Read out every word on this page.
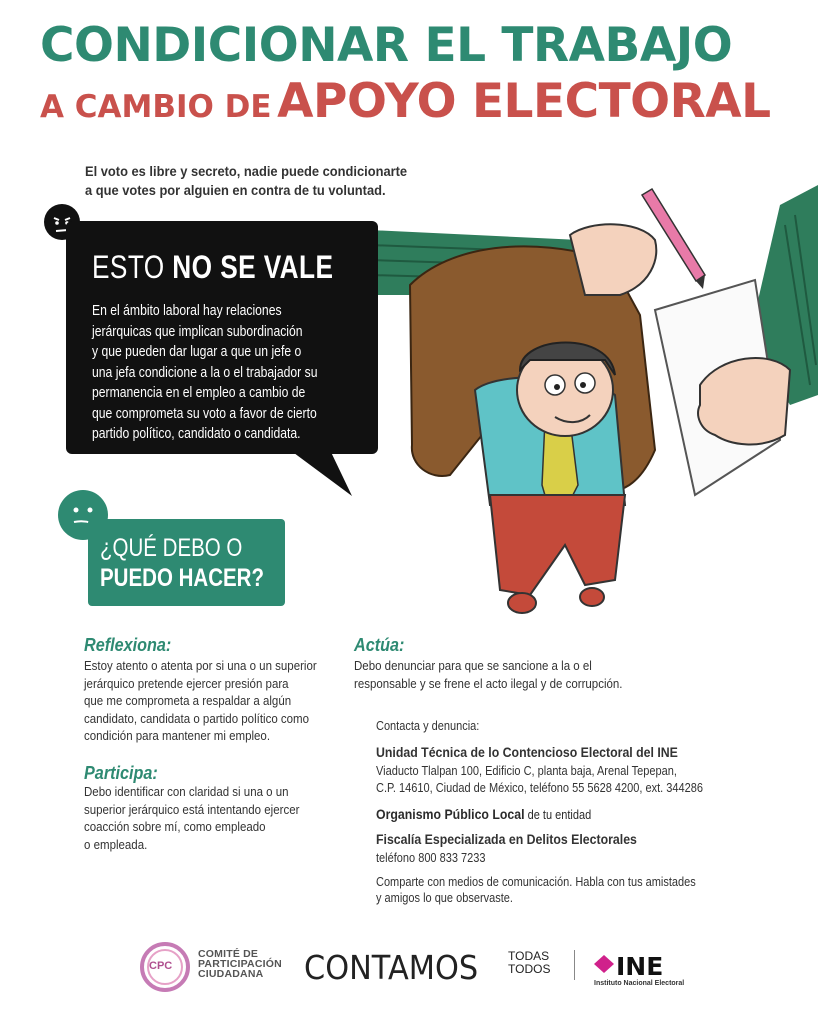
CONDICIONAR EL TRABAJO
A CAMBIO DE APOYO ELECTORAL
El voto es libre y secreto, nadie puede condicionarte
a que votes por alguien en contra de tu voluntad.
ESTO NO SE VALE

En el ámbito laboral hay relaciones
jerárquicas que implican subordinación
y que pueden dar lugar a que un jefe o
una jefa condicione a la o el trabajador su
permanencia en el empleo a cambio de
que comprometa su voto a favor de cierto
partido político, candidato o candidata.

¿QUÉ DEBO O
PUEDO HACER?
Reflexiona:
Estoy atento o atenta por si una o un superior
jerárquico pretende ejercer presión para
que me comprometa a respaldar a algún
candidato, candidata o partido político como
condición para mantener mi empleo.
Participa:
Debo identificar con claridad si una o un
superior jerárquico está intentando ejercer
coacción sobre mí, como empleado
o empleada.
Actúa:
Debo denunciar para que se sancione a la o el
responsable y se frene el acto ilegal y de corrupción.
Contacta y denuncia:
Unidad Técnica de lo Contencioso Electoral del INE
Viaducto Tlalpan 100, Edificio C, planta baja, Arenal Tepepan,
C.P. 14610, Ciudad de México, teléfono 55 5628 4200, ext. 344286
Organismo Público Local de tu entidad
Fiscalía Especializada en Delitos Electorales
teléfono 800 833 7233
Comparte con medios de comunicación. Habla con tus amistades
y amigos lo que observaste.
CPC
COMITÉ DE
PARTICIPACIÓN
CIUDADANA	CONTAMOS TODAS
TODOS	INE
Instituto Nacional Electoral
